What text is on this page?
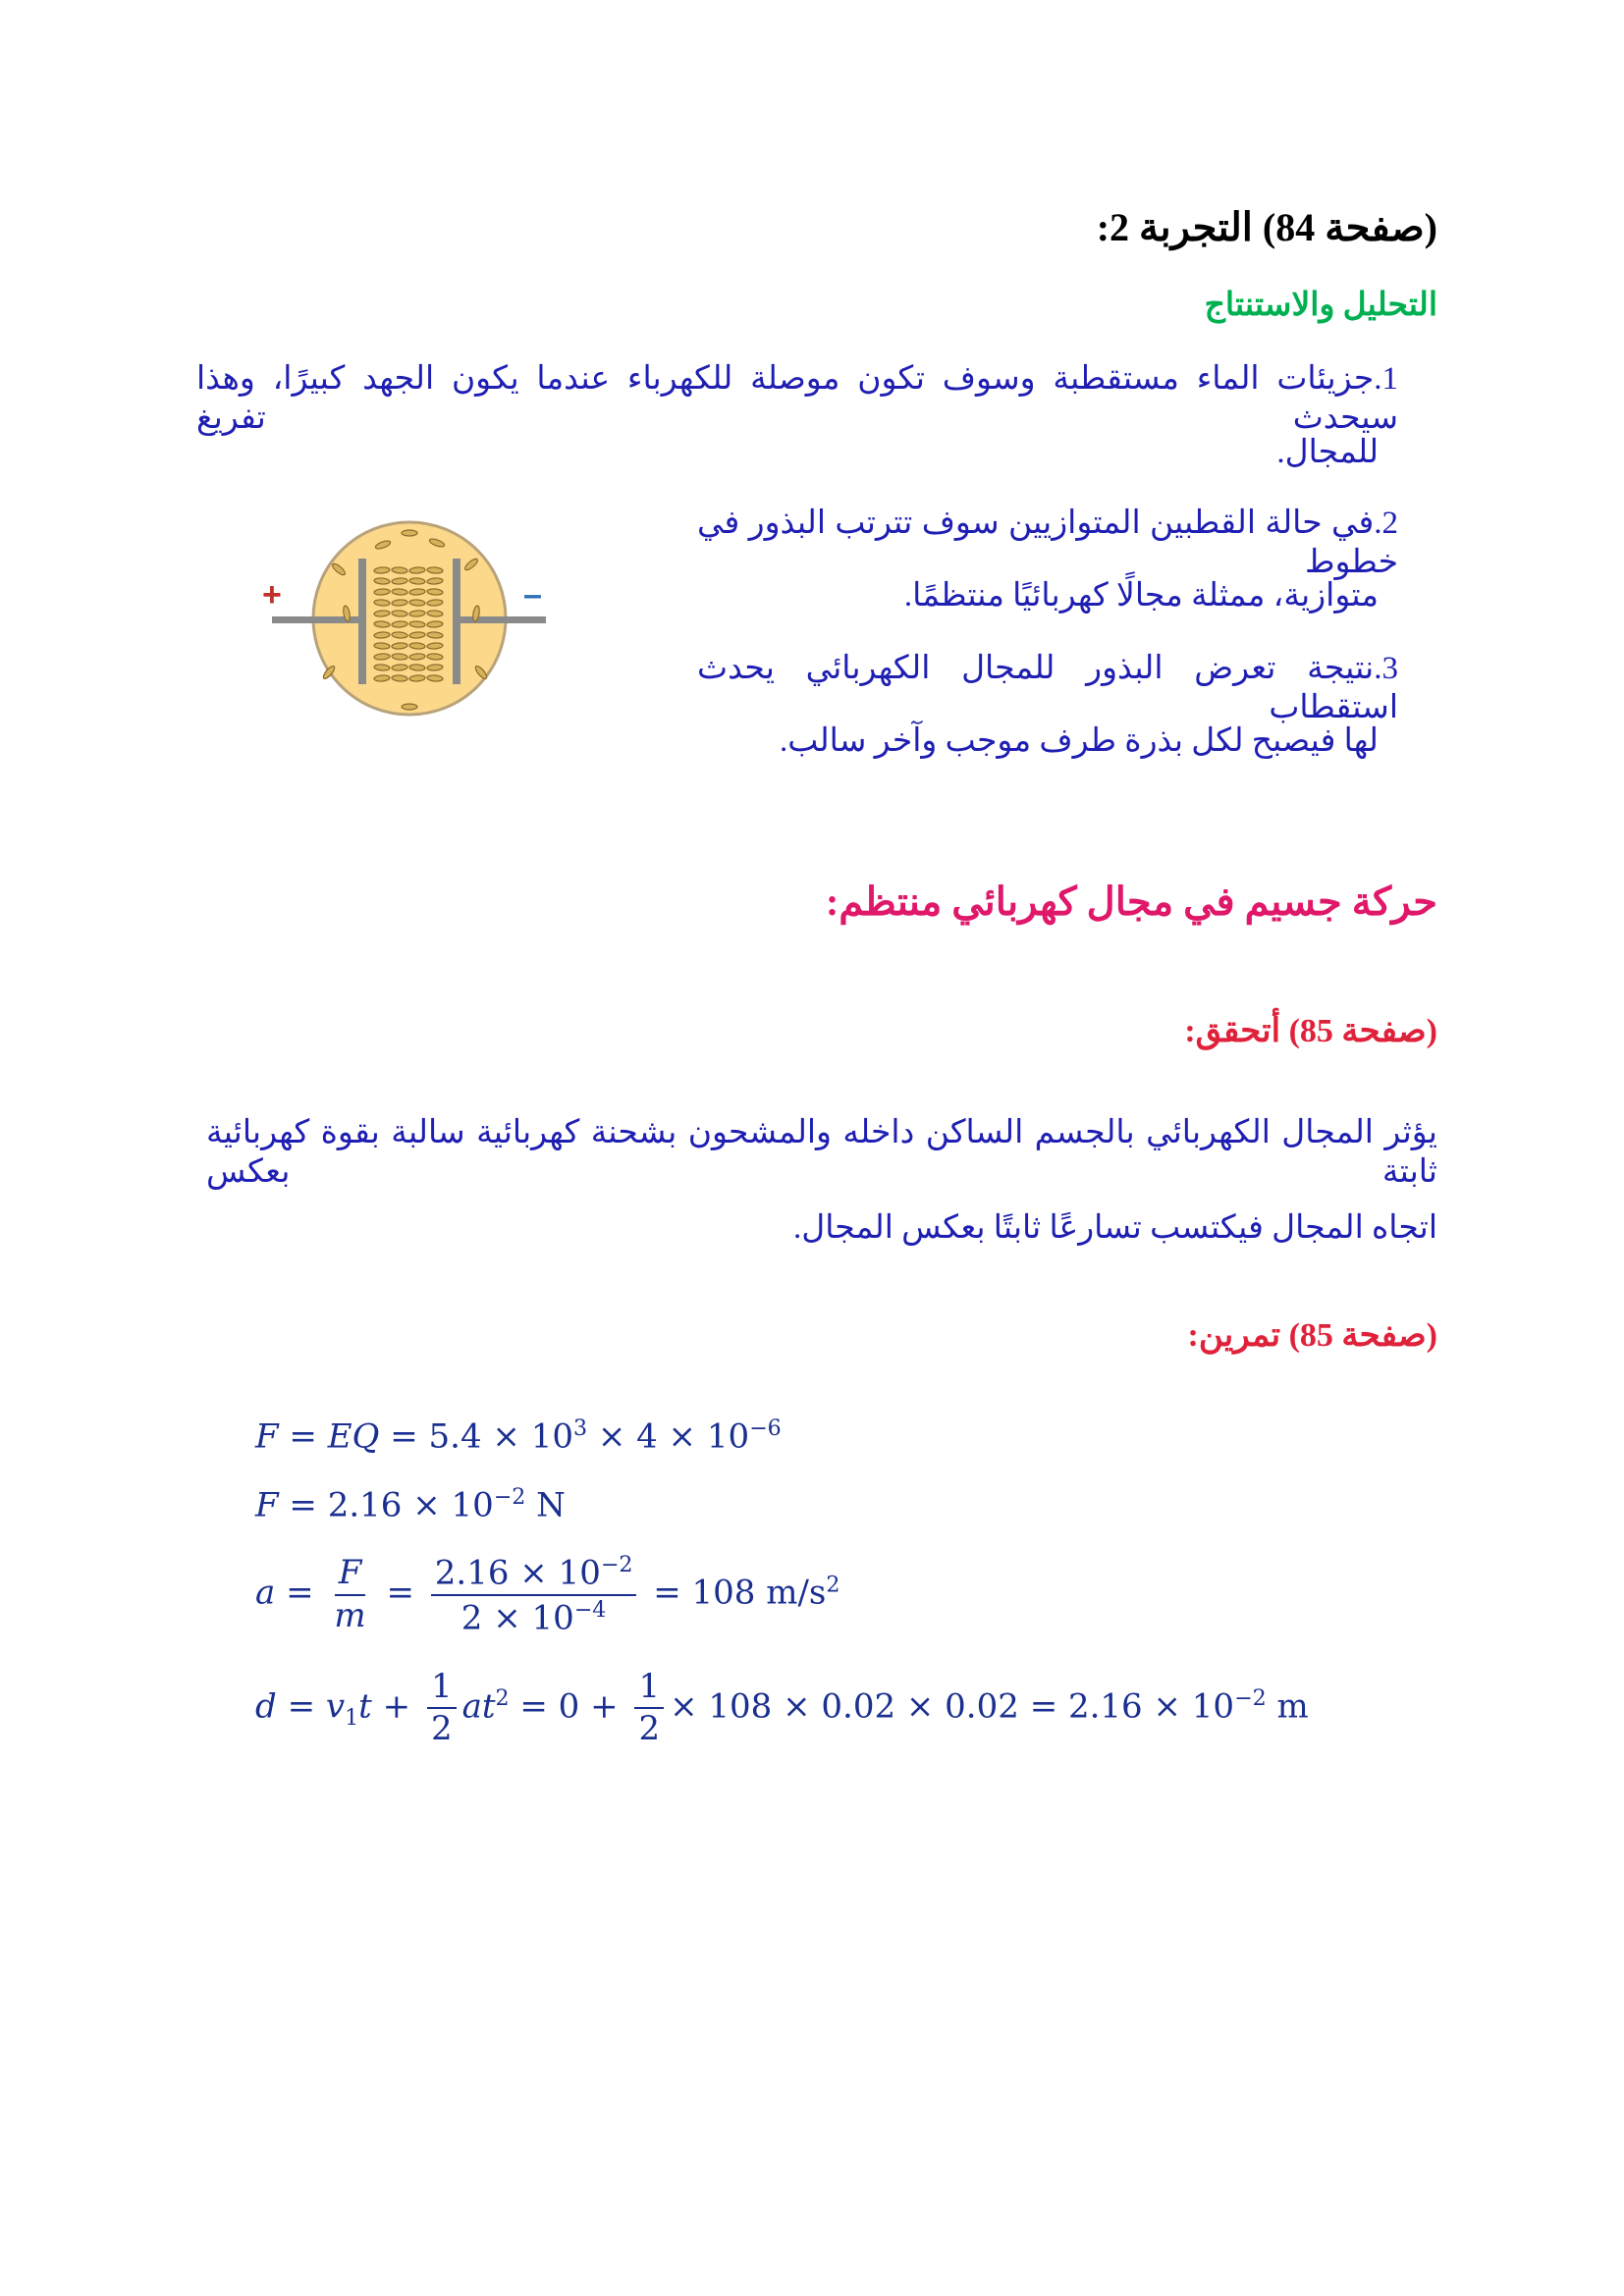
(صفحة 84) التجربة 2:
التحليل والاستنتاج
1.جزيئات الماء مستقطبة وسوف تكون موصلة للكهرباء عندما يكون الجهد كبيرًا، وهذا سيحدث تفريغ
للمجال.
2.في حالة القطبين المتوازيين سوف تترتب البذور في خطوط
متوازية، ممثلة مجالًا كهربائيًا منتظمًا.
3.نتيجة تعرض البذور للمجال الكهربائي يحدث استقطاب
لها فيصبح لكل بذرة طرف موجب وآخر سالب.
+	–
حركة جسيم في مجال كهربائي منتظم:
(صفحة 85) أتحقق:
يؤثر المجال الكهربائي بالجسم الساكن داخله والمشحون بشحنة كهربائية سالبة بقوة كهربائية ثابتة بعكس
اتجاه المجال فيكتسب تسارعًا ثابتًا بعكس المجال.
(صفحة 85) تمرين:
F = EQ = $5.4 \times 10^3 \times 4 \times 10^{-6}$
$F = 2.16 \times 10^{-2}$ N
$a = \frac{F}{m} = \frac{2.16 \times 10^{-2}}{2 \times 10^{-4}} = 108$ $m/s^2$
$d = v_1t + \frac{1}{2} at^2 = 0 + \frac{1}{2} \times 108 \times 0.02 \times 0.02 = 2.16 \times 10^{-2}$ m
